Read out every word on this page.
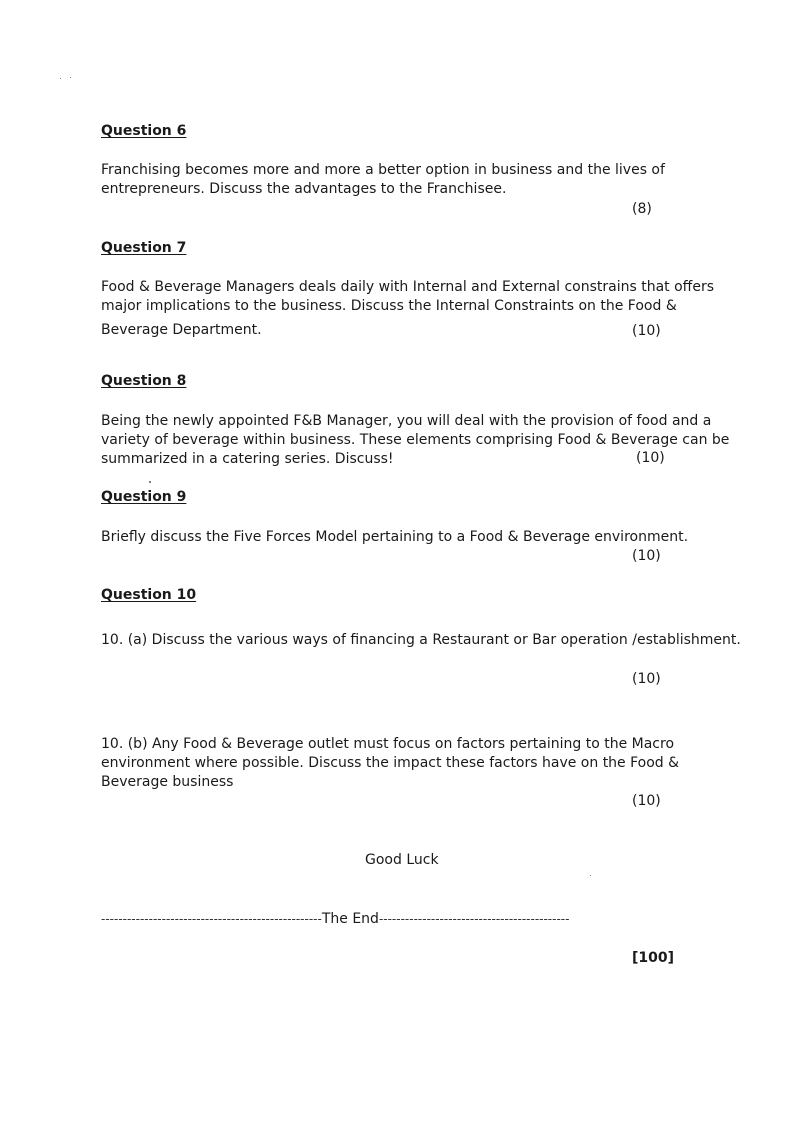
Question 6
Franchising becomes more and more a better option in business and the lives of
entrepreneurs. Discuss the advantages to the Franchisee.
(8)
Question 7
Food & Beverage Managers deals daily with Internal and External constrains that offers
major implications to the business. Discuss the Internal Constraints on the Food &
Beverage Department.	(10)
Question 8
Being the newly appointed F&B Manager, you will deal with the provision of food and a
variety of beverage within business. These elements comprising Food & Beverage can be
summarized in a catering series. Discuss!	(10)
Question 9
Briefly discuss the Five Forces Model pertaining to a Food & Beverage environment.
(10)
Question 10
10. (a) Discuss the various ways of financing a Restaurant or Bar operation /establishment.
(10)
10. (b) Any Food & Beverage outlet must focus on factors pertaining to the Macro
environment where possible. Discuss the impact these factors have on the Food &
Beverage business
(10)
Good Luck
---------------------------------------------------The End--------------------------------------------
[100]
